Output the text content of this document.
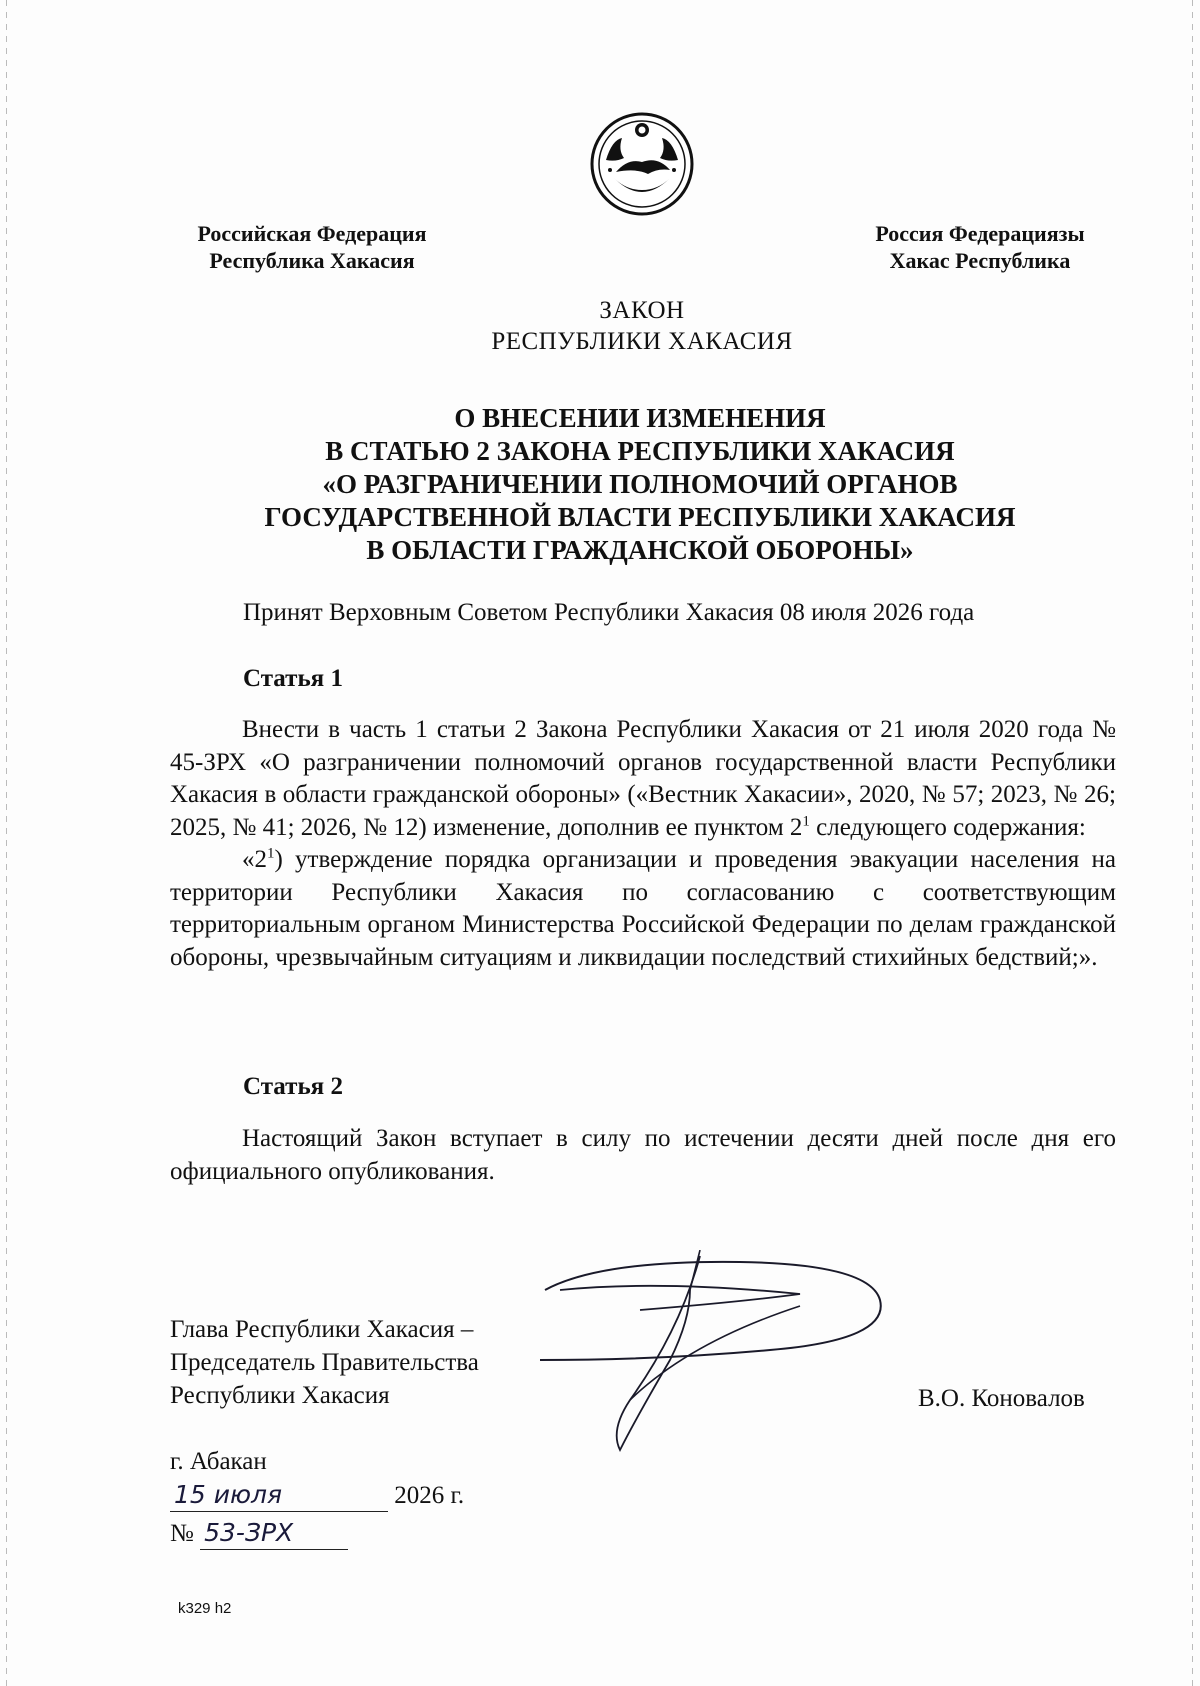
Российская Федерация
Республика Хакасия
Россия Федерациязы
Хакас Республика
ЗАКОН
РЕСПУБЛИКИ ХАКАСИЯ
О ВНЕСЕНИИ ИЗМЕНЕНИЯ
В СТАТЬЮ 2 ЗАКОНА РЕСПУБЛИКИ ХАКАСИЯ
«О РАЗГРАНИЧЕНИИ ПОЛНОМОЧИЙ ОРГАНОВ
ГОСУДАРСТВЕННОЙ ВЛАСТИ РЕСПУБЛИКИ ХАКАСИЯ
В ОБЛАСТИ ГРАЖДАНСКОЙ ОБОРОНЫ»
Принят Верховным Советом Республики Хакасия 08 июля 2026 года
Статья 1

Внести в часть 1 статьи 2 Закона Республики Хакасия от 21 июля 2020 года № 45-ЗРХ «О разграничении полномочий органов государственной власти Республики Хакасия в области гражданской обороны» («Вестник Хакасии», 2020, № 57; 2023, № 26; 2025, № 41; 2026, № 12) изменение, дополнив ее пунктом $2^1$ следующего содержания:

«$2^1$) утверждение порядка организации и проведения эвакуации населения на территории Республики Хакасия по согласованию с соответствующим территориальным органом Министерства Российской Федерации по делам гражданской обороны, чрезвычайным ситуациям и ликвидации последствий стихийных бедствий;».

Статья 2

Настоящий Закон вступает в силу по истечении десяти дней после дня его официального опубликования.

Глава Республики Хакасия –
Председатель Правительства
Республики Хакасия	В.О. Коновалов
г. Абакан
15 июля	2026 г.
№ 53-ЗРХ
k329 h2
